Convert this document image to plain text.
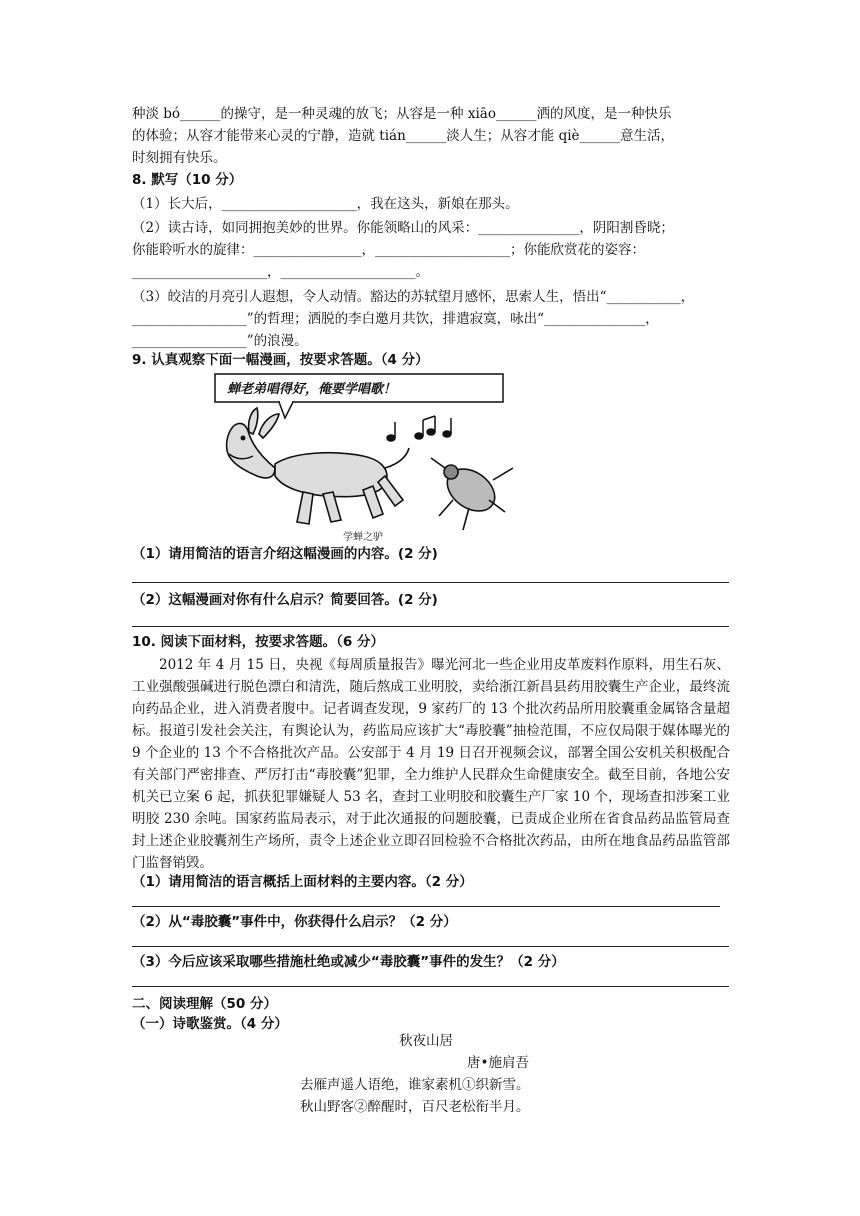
种淡 bó______的操守，是一种灵魂的放飞；从容是一种 xiāo______洒的风度，是一种快乐
的体验；从容才能带来心灵的宁静，造就 tián______淡人生；从容才能 qiè______意生活，
时刻拥有快乐。
8. 默写（10 分）
（1）长大后，____________________，我在这头，新娘在那头。
（2）读古诗，如同拥抱美妙的世界。你能领略山的风采：_______________，阴阳割昏晓；
你能聆听水的旋律：________________，____________________；你能欣赏花的姿容：
____________________，____________________。
（3）皎洁的月亮引人遐想，令人动情。豁达的苏轼望月感怀，思索人生，悟出“___________，
_________________”的哲理；洒脱的李白邀月共饮，排遣寂寞，咏出“_______________，
_________________”的浪漫。
9. 认真观察下面一幅漫画，按要求答题。（4 分）
蝉老弟唱得好，俺要学唱歌！
学蝉之驴
（1）请用简洁的语言介绍这幅漫画的内容。(2 分)
（2）这幅漫画对你有什么启示？简要回答。(2 分)
10. 阅读下面材料，按要求答题。（6 分）
2012 年 4 月 15 日，央视《每周质量报告》曝光河北一些企业用皮革废料作原料，用生石灰、工业强酸强碱进行脱色漂白和清洗，随后熬成工业明胶，卖给浙江新昌县药用胶囊生产企业，最终流向药品企业，进入消费者腹中。记者调查发现，9 家药厂的 13 个批次药品所用胶囊重金属铬含量超标。报道引发社会关注，有舆论认为，药监局应该扩大“毒胶囊”抽检范围，不应仅局限于媒体曝光的 9 个企业的 13 个不合格批次产品。公安部于 4 月 19 日召开视频会议，部署全国公安机关积极配合有关部门严密排查、严厉打击“毒胶囊”犯罪，全力维护人民群众生命健康安全。截至目前，各地公安机关已立案 6 起，抓获犯罪嫌疑人 53 名，查封工业明胶和胶囊生产厂家 10 个，现场查扣涉案工业明胶 230 余吨。国家药监局表示，对于此次通报的问题胶囊，已责成企业所在省食品药品监管局查封上述企业胶囊剂生产场所，责令上述企业立即召回检验不合格批次药品，由所在地食品药品监管部门监督销毁。
（1）请用简洁的语言概括上面材料的主要内容。（2 分）
（2）从“毒胶囊”事件中，你获得什么启示？（2 分）
（3）今后应该采取哪些措施杜绝或减少“毒胶囊”事件的发生？（2 分）
二、阅读理解（50 分）
（一）诗歌鉴赏。（4 分）
秋夜山居
唐•施肩吾
去雁声遥人语绝，谁家素机①织新雪。
秋山野客②醉醒时，百尺老松衔半月。
